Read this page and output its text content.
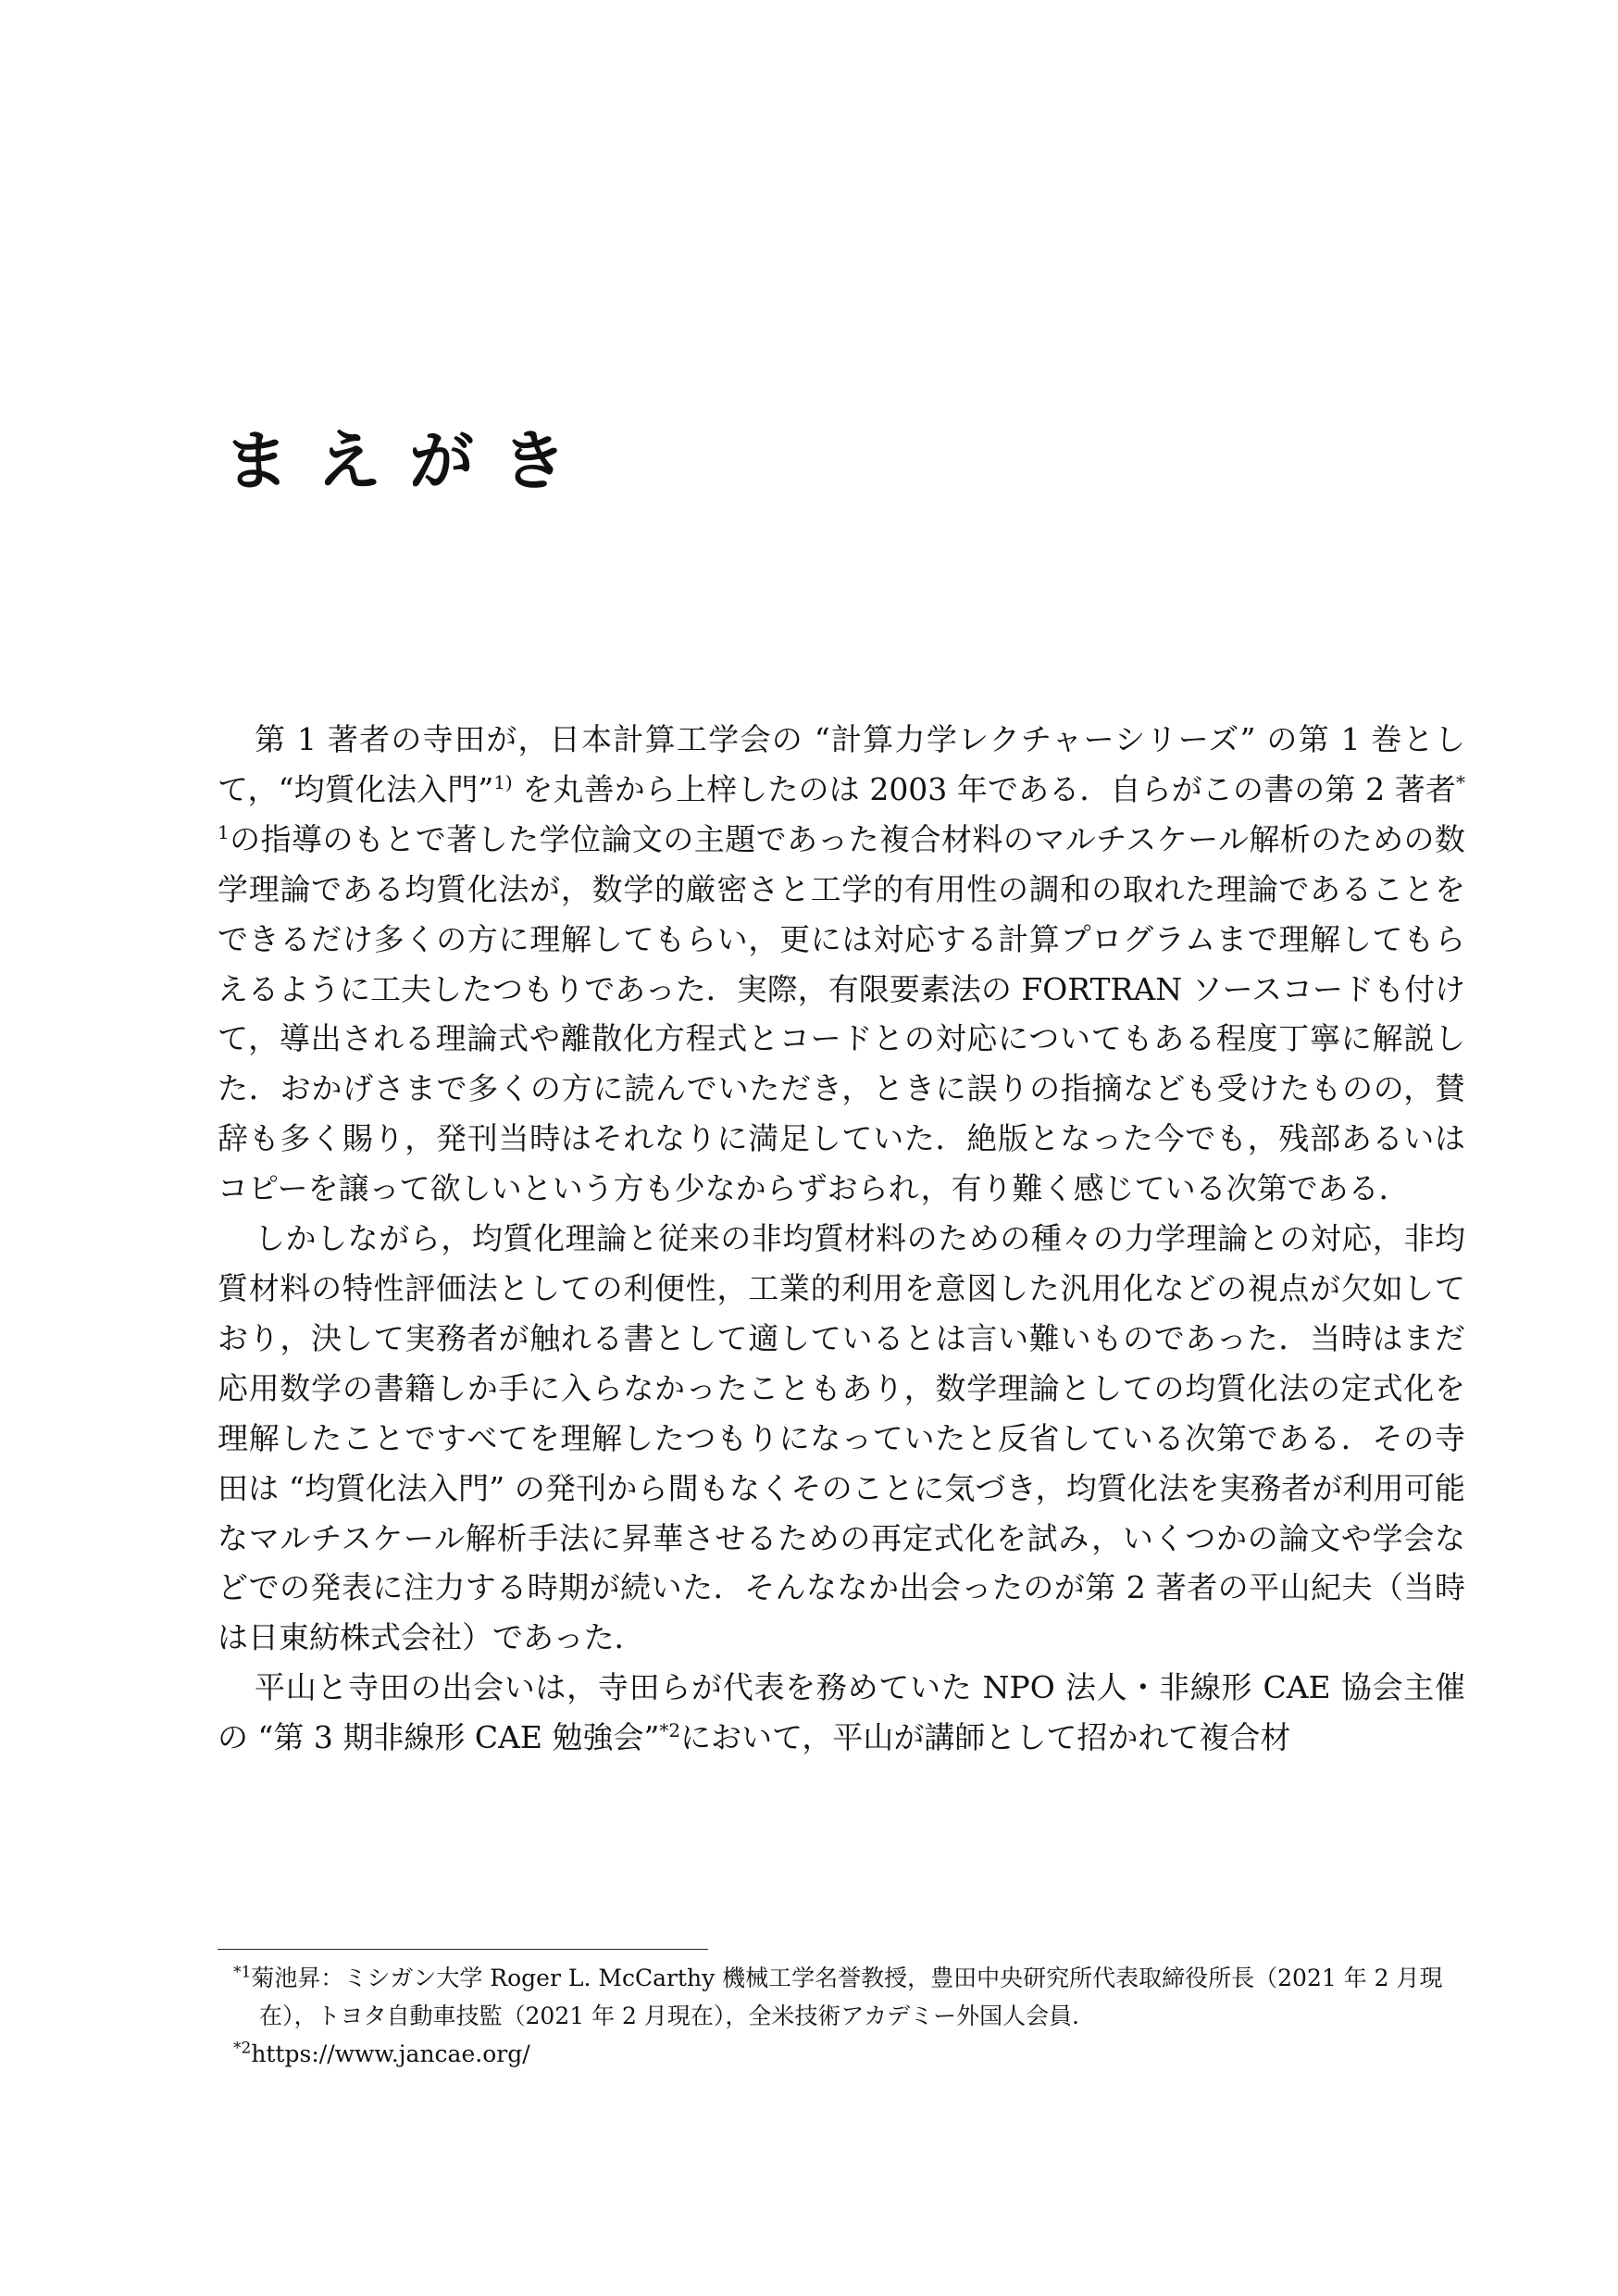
まえがき

第 1 著者の寺田が，日本計算工学会の “計算力学レクチャーシリーズ” の第 1 巻として，“均質化法入門”$^{1)}$ を丸善から上梓したのは 2003 年である．自らがこの書の第 2 著者$^{*1}$の指導のもとで著した学位論文の主題であった複合材料のマルチスケール解析のための数学理論である均質化法が，数学的厳密さと工学的有用性の調和の取れた理論であることをできるだけ多くの方に理解してもらい，更には対応する計算プログラムまで理解してもらえるように工夫したつもりであった．実際，有限要素法の FORTRAN ソースコードも付けて，導出される理論式や離散化方程式とコードとの対応についてもある程度丁寧に解説した．おかげさまで多くの方に読んでいただき，ときに誤りの指摘なども受けたものの，賛辞も多く賜り，発刊当時はそれなりに満足していた．絶版となった今でも，残部あるいはコピーを譲って欲しいという方も少なからずおられ，有り難く感じている次第である．

しかしながら，均質化理論と従来の非均質材料のための種々の力学理論との対応，非均質材料の特性評価法としての利便性，工業的利用を意図した汎用化などの視点が欠如しており，決して実務者が触れる書として適しているとは言い難いものであった．当時はまだ応用数学の書籍しか手に入らなかったこともあり，数学理論としての均質化法の定式化を理解したことですべてを理解したつもりになっていたと反省している次第である．その寺田は “均質化法入門” の発刊から間もなくそのことに気づき，均質化法を実務者が利用可能なマルチスケール解析手法に昇華させるための再定式化を試み，いくつかの論文や学会などでの発表に注力する時期が続いた．そんななか出会ったのが第 2 著者の平山紀夫（当時は日東紡株式会社）であった．

平山と寺田の出会いは，寺田らが代表を務めていた NPO 法人・非線形 CAE 協会主催の “第 3 期非線形 CAE 勉強会”$^{*2}$において，平山が講師として招かれて複合材

$^{*1}$菊池昇：ミシガン大学 Roger L. McCarthy 機械工学名誉教授，豊田中央研究所代表取締役所長（2021 年 2 月現在），トヨタ自動車技監（2021 年 2 月現在），全米技術アカデミー外国人会員．
$^{*2}$https://www.jancae.org/
